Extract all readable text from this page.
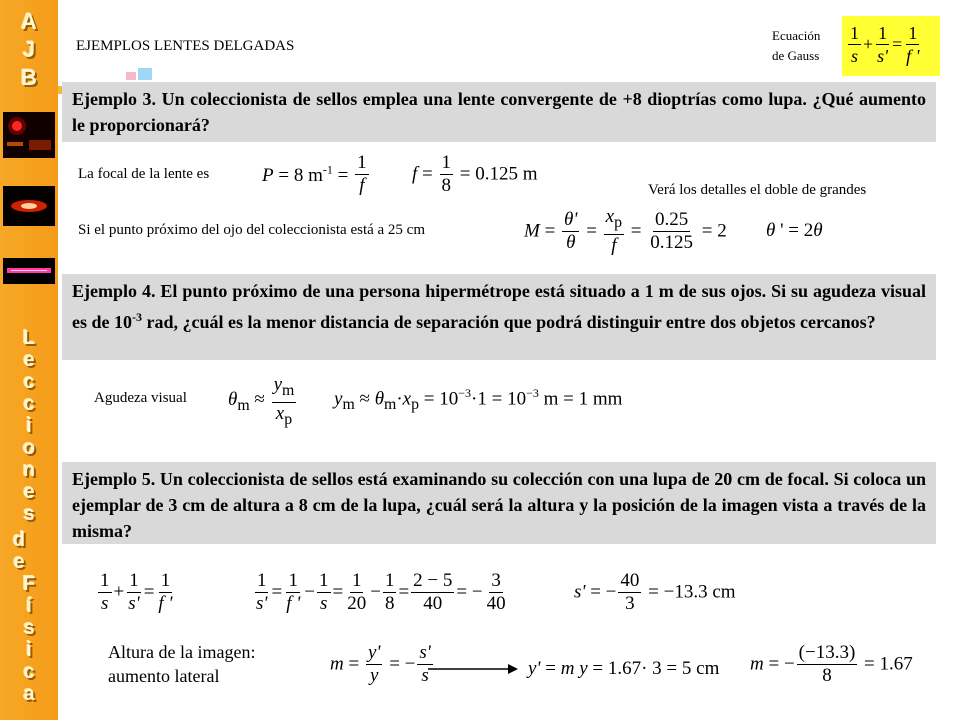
A
J
B
L
e
c
c
i
o
n
e
s
d
e
F
í
s
i
c
a
EJEMPLOS LENTES DELGADAS
Ecuación
de Gauss $\frac{1}{s} + \frac{1}{s'} = \frac{1}{f '}$
Ejemplo 3. Un coleccionista de sellos emplea una lente convergente de +8 dioptrías como lupa. ¿Qué aumento le proporcionará?
La focal de la lente es	P = 8 $m^{-1} = \frac{1}{f}$ $f = \frac{1}{8} = 0.125$ m
Verá los detalles el doble de grandes
Si el punto próximo del ojo del coleccionista está a 25 cm	$M = \frac{\theta'}{\theta} = \frac{x_p}{f} = \frac{0.25}{0.125} = 2$ θ ' = 2θ
Ejemplo 4. El punto próximo de una persona hipermétrope está situado a 1 m de sus ojos. Si su agudeza visual es de $10^{-3}$ rad, ¿cuál es la menor distancia de separación que podrá distinguir entre dos objetos cercanos?
Agudeza visual $\theta_m \approx \frac{y_m}{x_p} y_m \approx \theta_m\cdot x_p = 10^{-3}\cdot 1 = 10^{-3}$ m = 1 mm
Ejemplo 5. Un coleccionista de sellos está examinando su colección con una lupa de 20 cm de focal. Si coloca un ejemplar de 3 cm de altura a 8 cm de la lupa, ¿cuál será la altura y la posición de la imagen vista a través de la misma?
$\frac{1}{s} + \frac{1}{s'} = \frac{1}{f '}$	$\frac{1}{s'} = \frac{1}{f '} - \frac{1}{s} = \frac{1}{20} - \frac{1}{8} = \frac{2 - 5}{40}$ = − $\frac{3}{40}$	s' = − $\frac{40}{3} = -13.3$ cm
Altura de la imagen:
aumento lateral
$m = \frac{y'}{y}$ = − $\frac{s'}{s}$	y' = m y = 1.67· 3 = 5 cm m = − $\frac{(-13.3)}{8} = 1.67$
